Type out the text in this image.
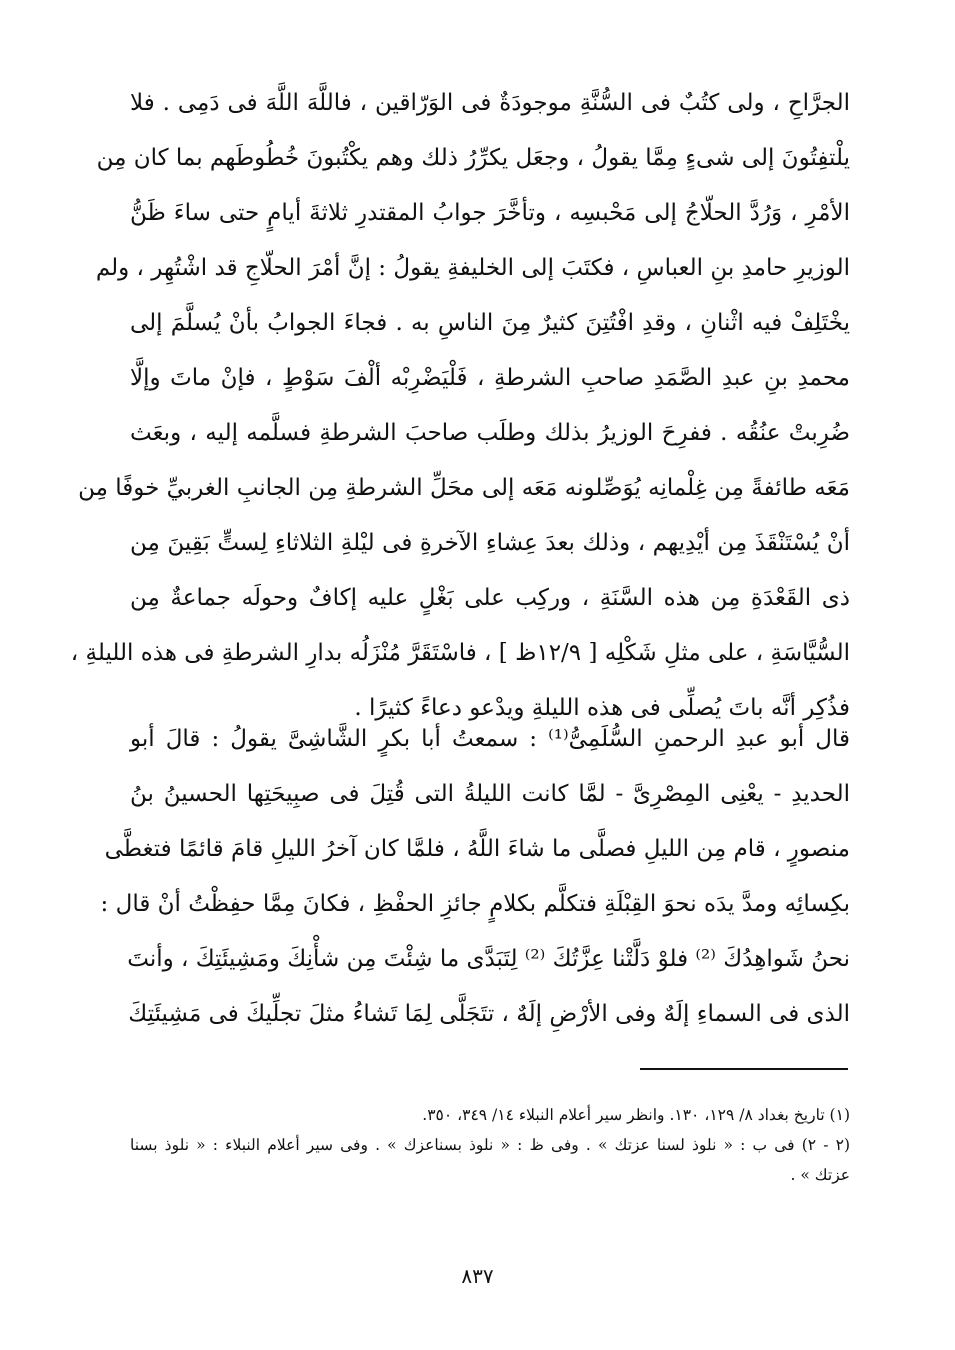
الجرَّاحِ ، ولى كتُبٌ فى السُّنَّةِ موجودَةٌ فى الوَرّاقين ، فاللَّهَ اللَّهَ فى دَمِى . فلا
يلْتفِتُونَ إلى شىءٍ مِمَّا يقولُ ، وجعَل يكرِّرُ ذلك وهم يكْتُبونَ خُطُوطَهم بما كان مِن
الأمْرِ ، وَرُدَّ الحلّاجُ إلى مَحْبسِه ، وتأخَّرَ جوابُ المقتدرِ ثلاثةَ أيامٍ حتى ساءَ ظَنُّ
الوزيرِ حامدِ بنِ العباسِ ، فكتَبَ إلى الخليفةِ يقولُ : إنَّ أمْرَ الحلّاجِ قد اشْتُهِر ، ولم
يخْتَلِفْ فيه اثْنانِ ، وقدِ افْتُتِنَ كثيرٌ مِنَ الناسِ به . فجاءَ الجوابُ بأنْ يُسلَّمَ إلى
محمدِ بنِ عبدِ الصَّمَدِ صاحبِ الشرطةِ ، فَلْيَضْرِبْه ألْفَ سَوْطٍ ، فإنْ ماتَ وإلَّا
ضُرِبتْ عنُقُه . ففرِحَ الوزيرُ بذلك وطلَب صاحبَ الشرطةِ فسلَّمه إليه ، وبعَث
مَعَه طائفةً مِن غِلْمانِه يُوَصِّلونه مَعَه إلى محَلِّ الشرطةِ مِن الجانبِ الغربيِّ خوفًا مِن
أنْ يُسْتَنْقَذَ مِن أيْدِيهم ، وذلك بعدَ عِشاءِ الآخرةِ فى ليْلةِ الثلاثاءِ لِستٍّ بَقِينَ مِن
ذى القَعْدَةِ مِن هذه السَّنَةِ ، وركِب على بَغْلٍ عليه إكافٌ وحولَه جماعةٌ مِن
السُّيَّاسَةِ ، على مثلِ شَكْلِه [ ١٢/٩ظ ] ، فاسْتَقَرَّ مُنْزَلُه بدارِ الشرطةِ فى هذه الليلةِ ،
فذُكِر أنَّه باتَ يُصلِّى فى هذه الليلةِ ويدْعو دعاءً كثيرًا .
قال أبو عبدِ الرحمنِ السُّلَمِىُّ⁽¹⁾ : سمعتُ أبا بكرٍ الشَّاشِىَّ يقولُ : قالَ أبو
الحديدِ - يعْنِى المِصْرِىَّ - لمَّا كانت الليلةُ التى قُتِلَ فى صبِيحَتِها الحسينُ بنُ
منصورٍ ، قام مِن الليلِ فصلَّى ما شاءَ اللَّهُ ، فلمَّا كان آخرُ الليلِ قامَ قائمًا فتغطَّى
بكِسائِه ومدَّ يدَه نحوَ القِبْلَةِ فتكلَّم بكلامٍ جائزِ الحفْظِ ، فكانَ مِمَّا حفِظْتُ أنْ قال :
نحنُ شَواهِدُكَ ⁽²⁾ فلوْ دَلَّتْنا عِزَّتُكَ ⁽²⁾ لِتَبَدَّى ما شِئْتَ مِن شأْنِكَ ومَشِيئَتِكَ ، وأنتَ
الذى فى السماءِ إلَهٌ وفى الأرْضِ إلَهٌ ، تتَجَلَّى لِمَا تَشاءُ مثلَ تجلِّيكَ فى مَشِيئَتِكَ
(١) تاريخ بغداد ٨/ ١٢٩، ١٣٠. وانظر سير أعلام النبلاء ١٤/ ٣٤٩، ٣٥٠.
(٢ - ٢) فى ب : « نلوذ لسنا عزتك » . وفى ظ : « نلوذ بسناعزك » . وفى سير أعلام النبلاء : « نلوذ بسنا
عزتك » .
٨٣٧
